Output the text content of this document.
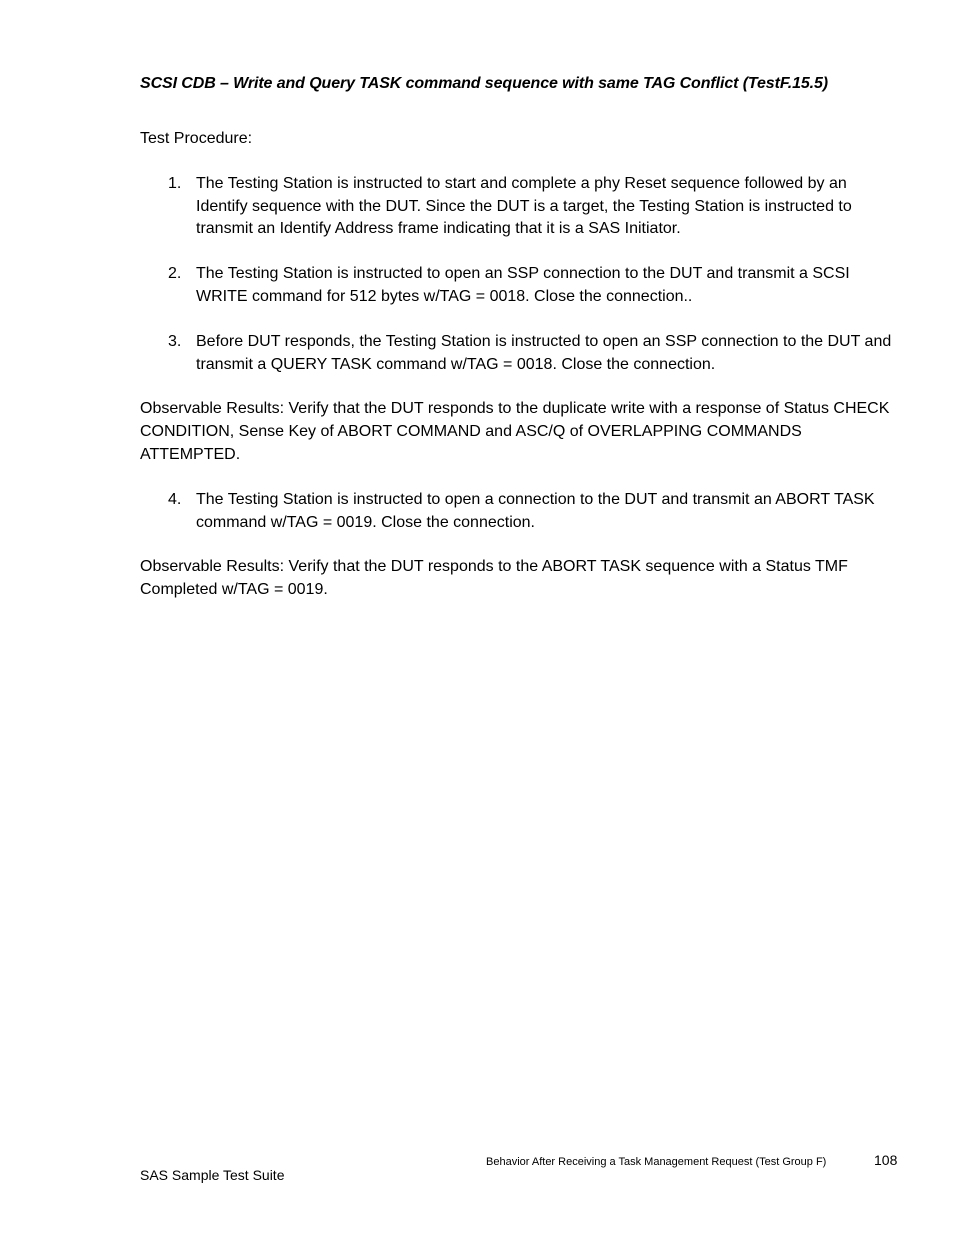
SCSI CDB – Write and Query TASK command sequence with same TAG Conflict (TestF.15.5)

Test Procedure:

1. The Testing Station is instructed to start and complete a phy Reset sequence followed by an Identify sequence with the DUT. Since the DUT is a target, the Testing Station is instructed to transmit an Identify Address frame indicating that it is a SAS Initiator.
2. The Testing Station is instructed to open an SSP connection to the DUT and transmit a SCSI WRITE command for 512 bytes w/TAG = 0018. Close the connection..
3. Before DUT responds, the Testing Station is instructed to open an SSP connection to the DUT and transmit a QUERY TASK command w/TAG = 0018. Close the connection.

Observable Results: Verify that the DUT responds to the duplicate write with a response of Status CHECK CONDITION, Sense Key of ABORT COMMAND and ASC/Q of OVERLAPPING COMMANDS ATTEMPTED.

4. The Testing Station is instructed to open a connection to the DUT and transmit an ABORT TASK command w/TAG = 0019. Close the connection.

Observable Results: Verify that the DUT responds to the ABORT TASK sequence with a Status TMF Completed w/TAG = 0019.

Behavior After Receiving a Task Management Request (Test Group F)	108
SAS Sample Test Suite
